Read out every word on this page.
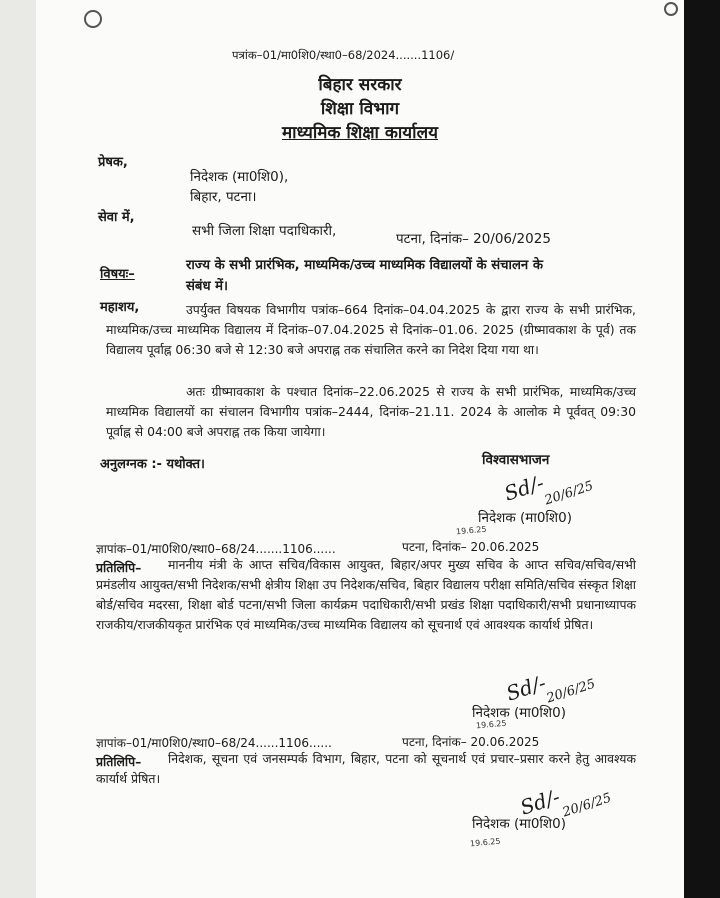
पत्रांक–01/मा0शि0/स्था0–68/2024.......1106/
बिहार सरकार
शिक्षा विभाग
माध्यमिक शिक्षा कार्यालय
प्रेषक,
निदेशक (मा0शि0),
बिहार, पटना।
सेवा में,
सभी जिला शिक्षा पदाधिकारी,	पटना, दिनांक– 20/06/2025
विषयः–
राज्य के सभी प्रारंभिक, माध्यमिक/उच्च माध्यमिक विद्यालयों के संचालन के
संबंध में।
महाशय,	उपर्युक्त विषयक विभागीय पत्रांक–664 दिनांक–04.04.2025 के द्वारा राज्य के सभी प्रारंभिक, माध्यमिक/उच्च माध्यमिक विद्यालय में दिनांक–07.04.2025 से दिनांक–01.06. 2025 (ग्रीष्मावकाश के पूर्व) तक विद्यालय पूर्वाह्न 06:30 बजे से 12:30 बजे अपराह्न तक संचालित करने का निदेश दिया गया था।
अतः ग्रीष्मावकाश के पश्चात दिनांक–22.06.2025 से राज्य के सभी प्रारंभिक, माध्यमिक/उच्च माध्यमिक विद्यालयों का संचालन विभागीय पत्रांक–2444, दिनांक–21.11. 2024 के आलोक मे पूर्ववत् 09:30 पूर्वाह्न से 04:00 बजे अपराह्न तक किया जायेगा।
अनुलग्नक :- यथोक्त।	विश्वासभाजन
Sd/-
20/6/25
निदेशक (मा0शि0)
19.6.25
ज्ञापांक–01/मा0शि0/स्था0–68/24.......1106......	पटना, दिनांक– 20.06.2025
प्रतिलिपि–	माननीय मंत्री के आप्त सचिव/विकास आयुक्त, बिहार/अपर मुख्य सचिव के आप्त सचिव/सचिव/सभी प्रमंडलीय आयुक्त/सभी निदेशक/सभी क्षेत्रीय शिक्षा उप निदेशक/सचिव, बिहार विद्यालय परीक्षा समिति/सचिव संस्कृत शिक्षा बोर्ड/सचिव मदरसा, शिक्षा बोर्ड पटना/सभी जिला कार्यक्रम पदाधिकारी/सभी प्रखंड शिक्षा पदाधिकारी/सभी प्रधानाध्यापक राजकीय/राजकीयकृत प्रारंभिक एवं माध्यमिक/उच्च माध्यमिक विद्यालय को सूचनार्थ एवं आवश्यक कार्यार्थ प्रेषित।
Sd/-
20/6/25
निदेशक (मा0शि0)
19.6.25
ज्ञापांक–01/मा0शि0/स्था0–68/24......1106......	पटना, दिनांक– 20.06.2025
प्रतिलिपि–	निदेशक, सूचना एवं जनसम्पर्क विभाग, बिहार, पटना को सूचनार्थ एवं प्रचार–प्रसार करने हेतु आवश्यक कार्यार्थ प्रेषित।
Sd/-
20/6/25
निदेशक (मा0शि0)
19.6.25
